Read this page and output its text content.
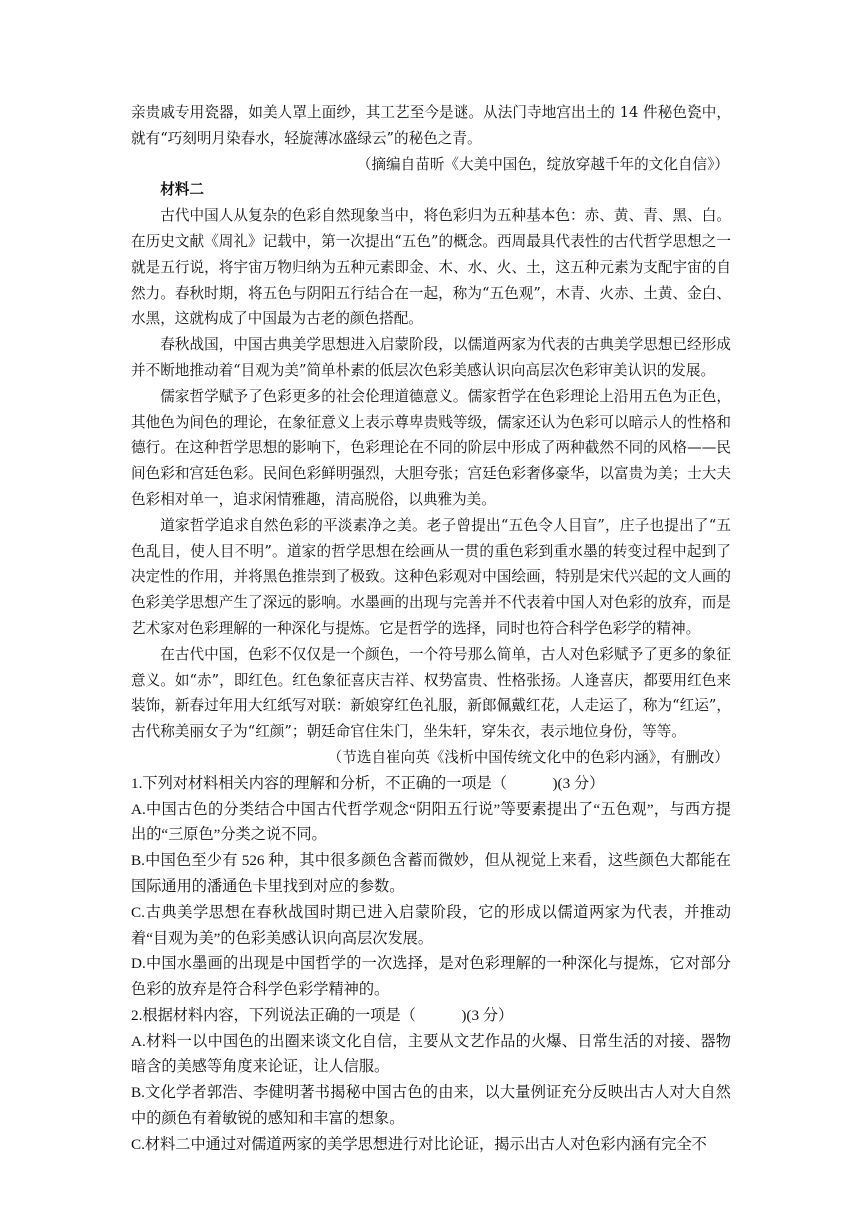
亲贵戚专用瓷器，如美人罩上面纱，其工艺至今是谜。从法门寺地宫出土的 14 件秘色瓷中，就有“巧刻明月染春水，轻旋薄冰盛绿云”的秘色之青。

（摘编自苗昕《大美中国色，绽放穿越千年的文化自信》）

材料二

古代中国人从复杂的色彩自然现象当中，将色彩归为五种基本色：赤、黄、青、黑、白。在历史文献《周礼》记载中，第一次提出“五色”的概念。西周最具代表性的古代哲学思想之一就是五行说，将宇宙万物归纳为五种元素即金、木、水、火、土，这五种元素为支配宇宙的自然力。春秋时期，将五色与阴阳五行结合在一起，称为“五色观”，木青、火赤、土黄、金白、水黑，这就构成了中国最为古老的颜色搭配。

春秋战国，中国古典美学思想进入启蒙阶段，以儒道两家为代表的古典美学思想已经形成并不断地推动着“目观为美”简单朴素的低层次色彩美感认识向高层次色彩审美认识的发展。

儒家哲学赋予了色彩更多的社会伦理道德意义。儒家哲学在色彩理论上沿用五色为正色，其他色为间色的理论，在象征意义上表示尊卑贵贱等级，儒家还认为色彩可以暗示人的性格和德行。在这种哲学思想的影响下，色彩理论在不同的阶层中形成了两种截然不同的风格——民间色彩和宫廷色彩。民间色彩鲜明强烈，大胆夸张；宫廷色彩奢侈豪华，以富贵为美；士大夫色彩相对单一，追求闲情雅趣，清高脱俗，以典雅为美。

道家哲学追求自然色彩的平淡素净之美。老子曾提出“五色令人目盲”，庄子也提出了“五色乱目，使人目不明”。道家的哲学思想在绘画从一贯的重色彩到重水墨的转变过程中起到了决定性的作用，并将黑色推崇到了极致。这种色彩观对中国绘画，特别是宋代兴起的文人画的色彩美学思想产生了深远的影响。水墨画的出现与完善并不代表着中国人对色彩的放弃，而是艺术家对色彩理解的一种深化与提炼。它是哲学的选择，同时也符合科学色彩学的精神。

在古代中国，色彩不仅仅是一个颜色，一个符号那么简单，古人对色彩赋予了更多的象征意义。如“赤”，即红色。红色象征喜庆吉祥、权势富贵、性格张扬。人逢喜庆，都要用红色来装饰，新春过年用大红纸写对联：新娘穿红色礼服，新郎佩戴红花，人走运了，称为“红运”，古代称美丽女子为“红颜”；朝廷命官住朱门，坐朱轩，穿朱衣，表示地位身份，等等。

（节选自崔向英《浅析中国传统文化中的色彩内涵》，有删改）

1.下列对材料相关内容的理解和分析，不正确的一项是（　　　)(3 分）

A.中国古色的分类结合中国古代哲学观念“阴阳五行说”等要素提出了“五色观”，与西方提出的“三原色”分类之说不同。

B.中国色至少有 526 种，其中很多颜色含蓄而微妙，但从视觉上来看，这些颜色大都能在国际通用的潘通色卡里找到对应的参数。

C.古典美学思想在春秋战国时期已进入启蒙阶段，它的形成以儒道两家为代表，并推动着“目观为美”的色彩美感认识向高层次发展。

D.中国水墨画的出现是中国哲学的一次选择，是对色彩理解的一种深化与提炼，它对部分色彩的放弃是符合科学色彩学精神的。

2.根据材料内容，下列说法正确的一项是（　　　)(3 分）

A.材料一以中国色的出圈来谈文化自信，主要从文艺作品的火爆、日常生活的对接、器物暗含的美感等角度来论证，让人信服。

B.文化学者郭浩、李健明著书揭秘中国古色的由来，以大量例证充分反映出古人对大自然中的颜色有着敏锐的感知和丰富的想象。

C.材料二中通过对儒道两家的美学思想进行对比论证，揭示出古人对色彩内涵有完全不
